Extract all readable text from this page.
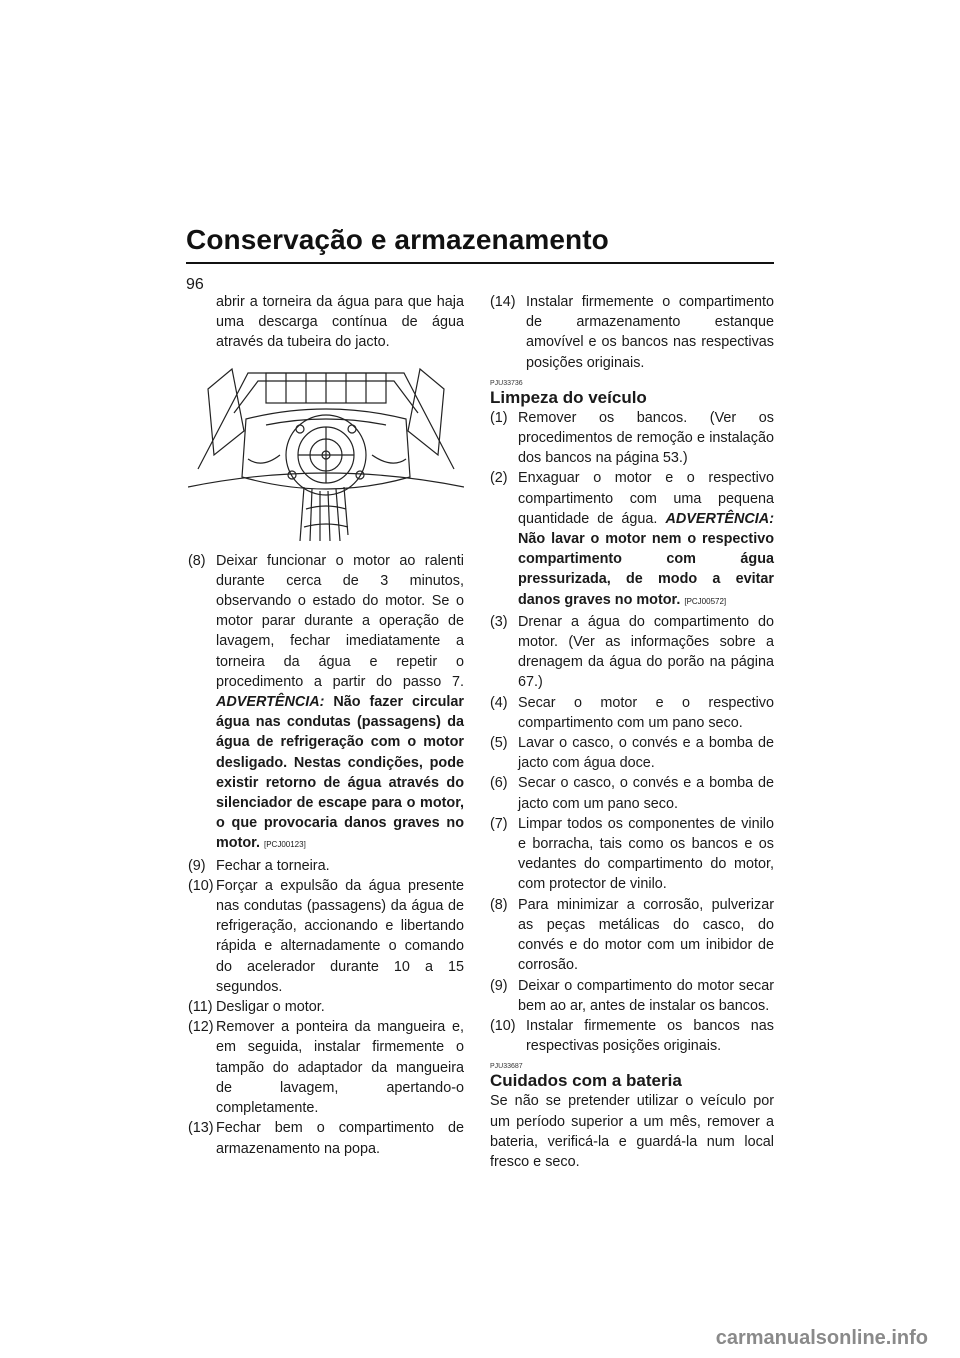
Conservação e armazenamento
96
abrir a torneira da água para que haja uma descarga contínua de água através da tubeira do jacto.
(8) Deixar funcionar o motor ao ralenti durante cerca de 3 minutos, observando o estado do motor. Se o motor parar durante a operação de lavagem, fechar imediatamente a torneira da água e repetir o procedimento a partir do passo 7. ADVERTÊNCIA: Não fazer circular água nas condutas (passagens) da água de refrigeração com o motor desligado. Nestas condições, pode existir retorno de água através do silenciador de escape para o motor, o que provocaria danos graves no motor. [PCJ00123]
(9) Fechar a torneira.
(10) Forçar a expulsão da água presente nas condutas (passagens) da água de refrigeração, accionando e libertando rápida e alternadamente o comando do acelerador durante 10 a 15 segundos.
(11) Desligar o motor.
(12) Remover a ponteira da mangueira e, em seguida, instalar firmemente o tampão do adaptador da mangueira de lavagem, apertando-o completamente.
(13) Fechar bem o compartimento de armazenamento na popa.
(14) Instalar firmemente o compartimento de armazenamento estanque amovível e os bancos nas respectivas posições originais.
PJU33736
Limpeza do veículo
(1) Remover os bancos. (Ver os procedimentos de remoção e instalação dos bancos na página 53.)
(2) Enxaguar o motor e o respectivo compartimento com uma pequena quantidade de água. ADVERTÊNCIA: Não lavar o motor nem o respectivo compartimento com água pressurizada, de modo a evitar danos graves no motor. [PCJ00572]
(3) Drenar a água do compartimento do motor. (Ver as informações sobre a drenagem da água do porão na página 67.)
(4) Secar o motor e o respectivo compartimento com um pano seco.
(5) Lavar o casco, o convés e a bomba de jacto com água doce.
(6) Secar o casco, o convés e a bomba de jacto com um pano seco.
(7) Limpar todos os componentes de vinilo e borracha, tais como os bancos e os vedantes do compartimento do motor, com protector de vinilo.
(8) Para minimizar a corrosão, pulverizar as peças metálicas do casco, do convés e do motor com um inibidor de corrosão.
(9) Deixar o compartimento do motor secar bem ao ar, antes de instalar os bancos.
(10) Instalar firmemente os bancos nas respectivas posições originais.
PJU33687
Cuidados com a bateria
Se não se pretender utilizar o veículo por um período superior a um mês, remover a bateria, verificá-la e guardá-la num local fresco e seco.
carmanualsonline.info
